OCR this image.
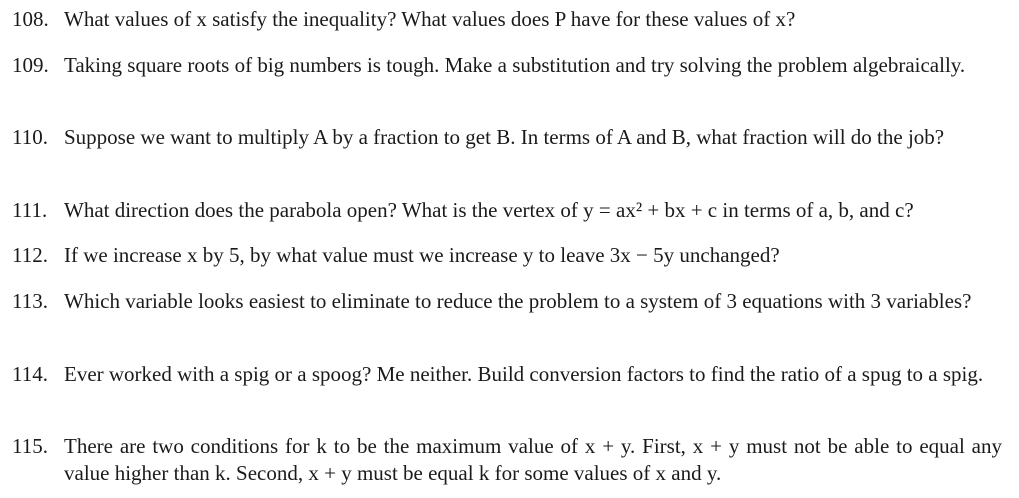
108. What values of x satisfy the inequality? What values does P have for these values of x?
109. Taking square roots of big numbers is tough. Make a substitution and try solving the problem algebraically.
110. Suppose we want to multiply A by a fraction to get B. In terms of A and B, what fraction will do the job?
111. What direction does the parabola open? What is the vertex of y = ax² + bx + c in terms of a, b, and c?
112. If we increase x by 5, by what value must we increase y to leave 3x − 5y unchanged?
113. Which variable looks easiest to eliminate to reduce the problem to a system of 3 equations with 3 variables?
114. Ever worked with a spig or a spoog? Me neither. Build conversion factors to find the ratio of a spug to a spig.
115. There are two conditions for k to be the maximum value of x + y. First, x + y must not be able to equal any value higher than k. Second, x + y must be equal k for some values of x and y.
